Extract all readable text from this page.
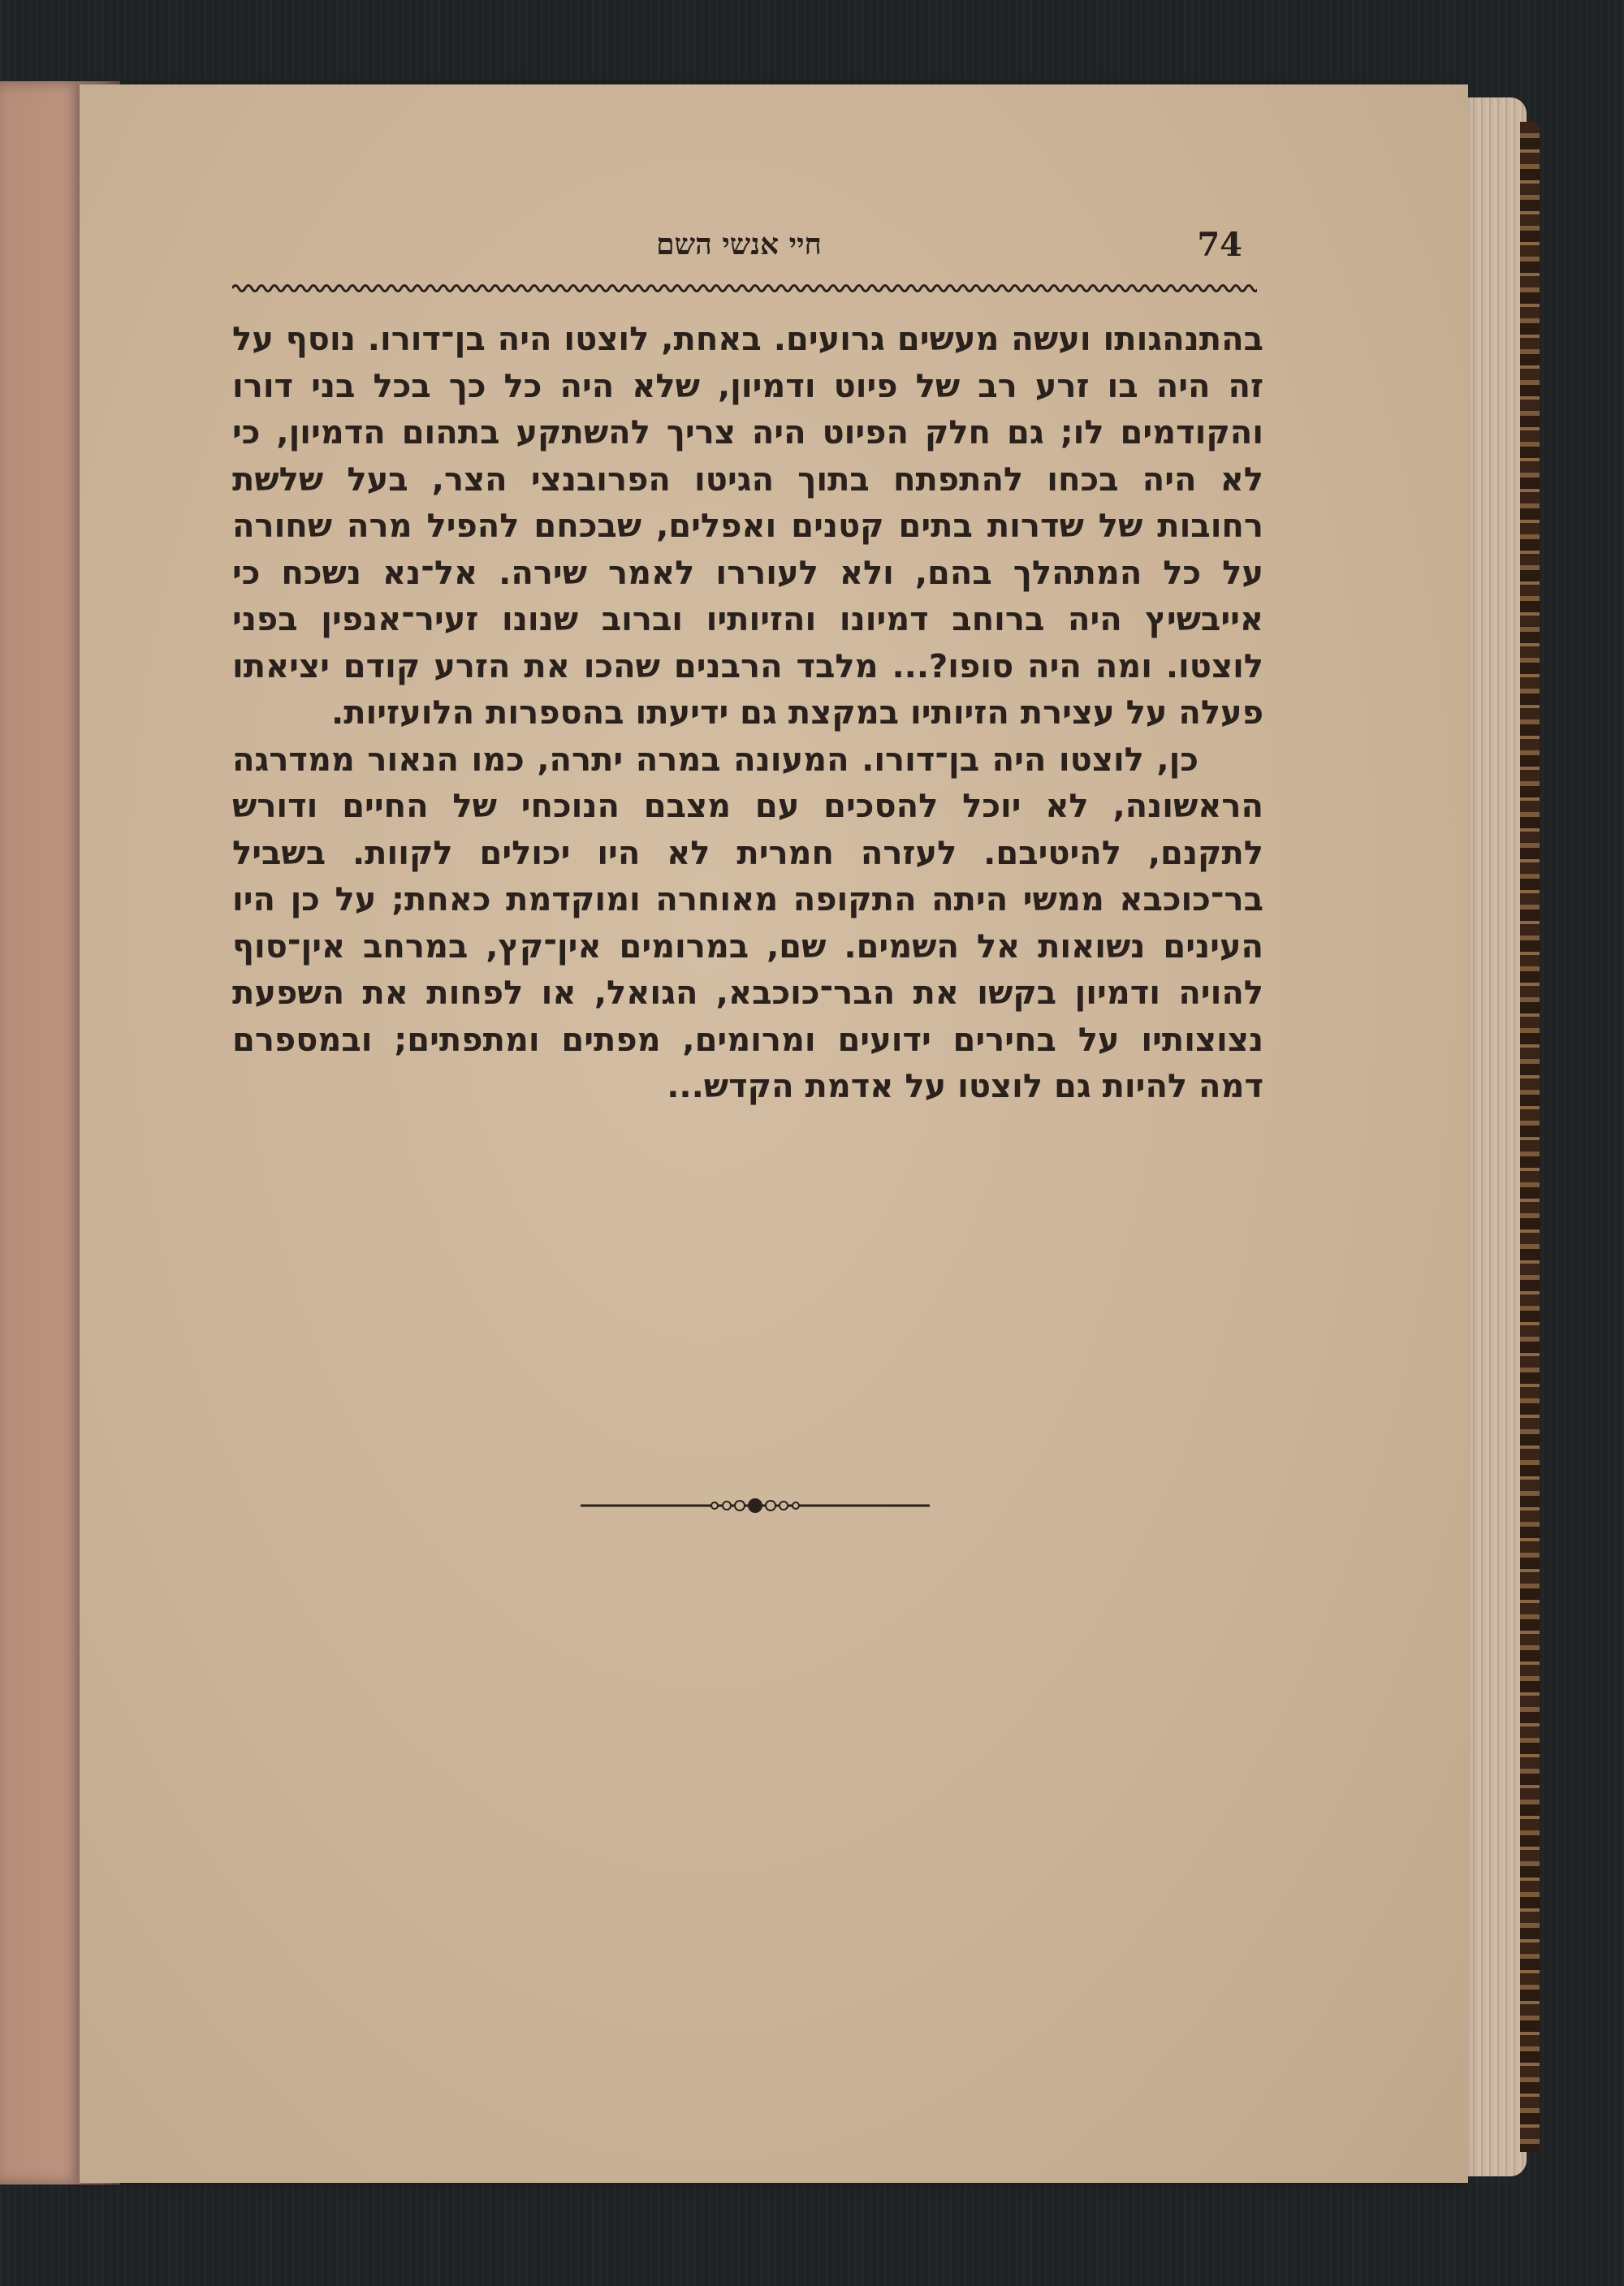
74
חיי אנשי השם

בהתנהגותו ועשה מעשים גרועים. באחת, לוצטו היה בן־דורו. נוסף על זה היה בו זרע רב של פיוט ודמיון, שלא היה כל כך בכל בני דורו והקודמים לו; גם חלק הפיוט היה צריך להשתקע בתהום הדמיון, כי לא היה בכחו להתפתח בתוך הגיטו הפרובנצי הצר, בעל שלשת רחובות של שדרות בתים קטנים ואפלים, שבכחם להפיל מרה שחורה על כל המתהלך בהם, ולא לעוררו לאמר שירה. אל־נא נשכח כי אייבשיץ היה ברוחב דמיונו והזיותיו וברוב שנונו זעיר־אנפין בפני לוצטו. ומה היה סופו?... מלבד הרבנים שהכו את הזרע קודם יציאתו פעלה על עצירת הזיותיו במקצת גם ידיעתו בהספרות הלועזיות.

כן, לוצטו היה בן־דורו. המעונה במרה יתרה, כמו הנאור ממדרגה הראשונה, לא יוכל להסכים עם מצבם הנוכחי של החיים ודורש לתקנם, להיטיבם. לעזרה חמרית לא היו יכולים לקוות. בשביל בר־כוכבא ממשי היתה התקופה מאוחרה ומוקדמת כאחת; על כן היו העינים נשואות אל השמים. שם, במרומים אין־קץ, במרחב אין־סוף להויה ודמיון בקשו את הבר־כוכבא, הגואל, או לפחות את השפעת נצוצותיו על בחירים ידועים ומרומים, מפתים ומתפתים; ובמספרם דמה להיות גם לוצטו על אדמת הקדש...
